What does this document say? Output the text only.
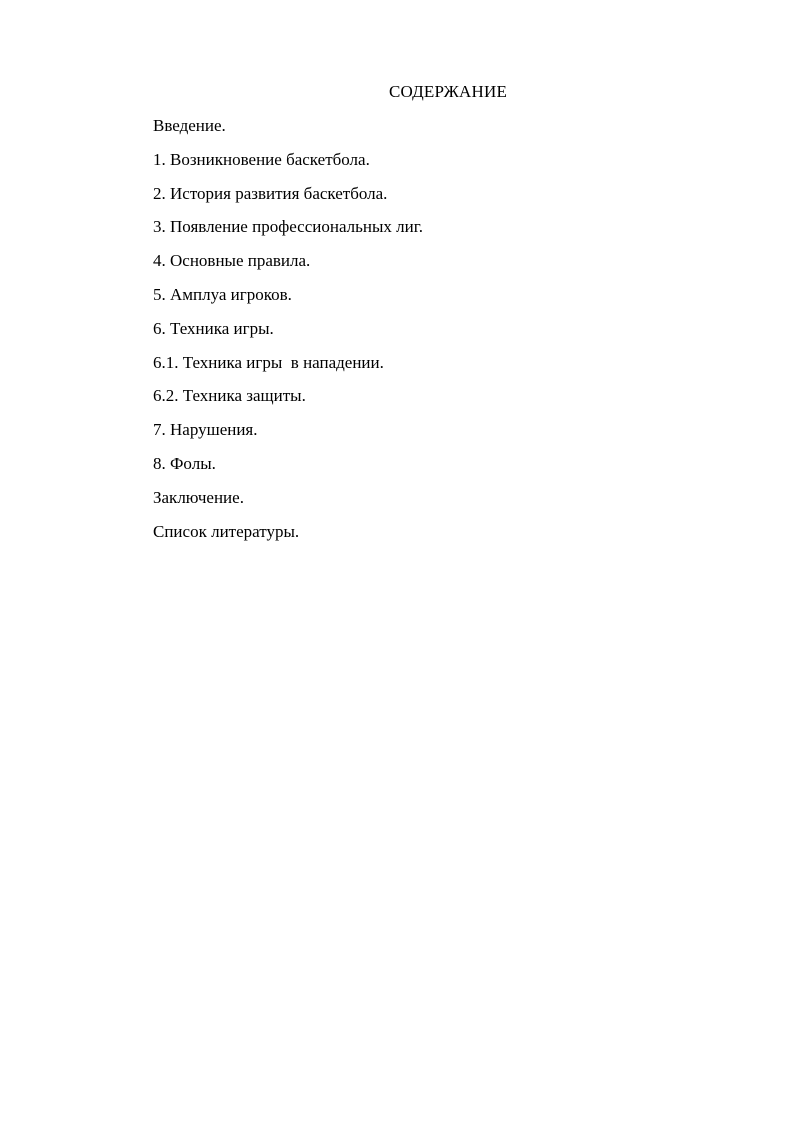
СОДЕРЖАНИЕ
Введение.
1. Возникновение баскетбола.
2. История развития баскетбола.
3. Появление профессиональных лиг.
4. Основные правила.
5. Амплуа игроков.
6. Техника игры.
6.1. Техника игры  в нападении.
6.2. Техника защиты.
7. Нарушения.
8. Фолы.
Заключение.
Список литературы.
